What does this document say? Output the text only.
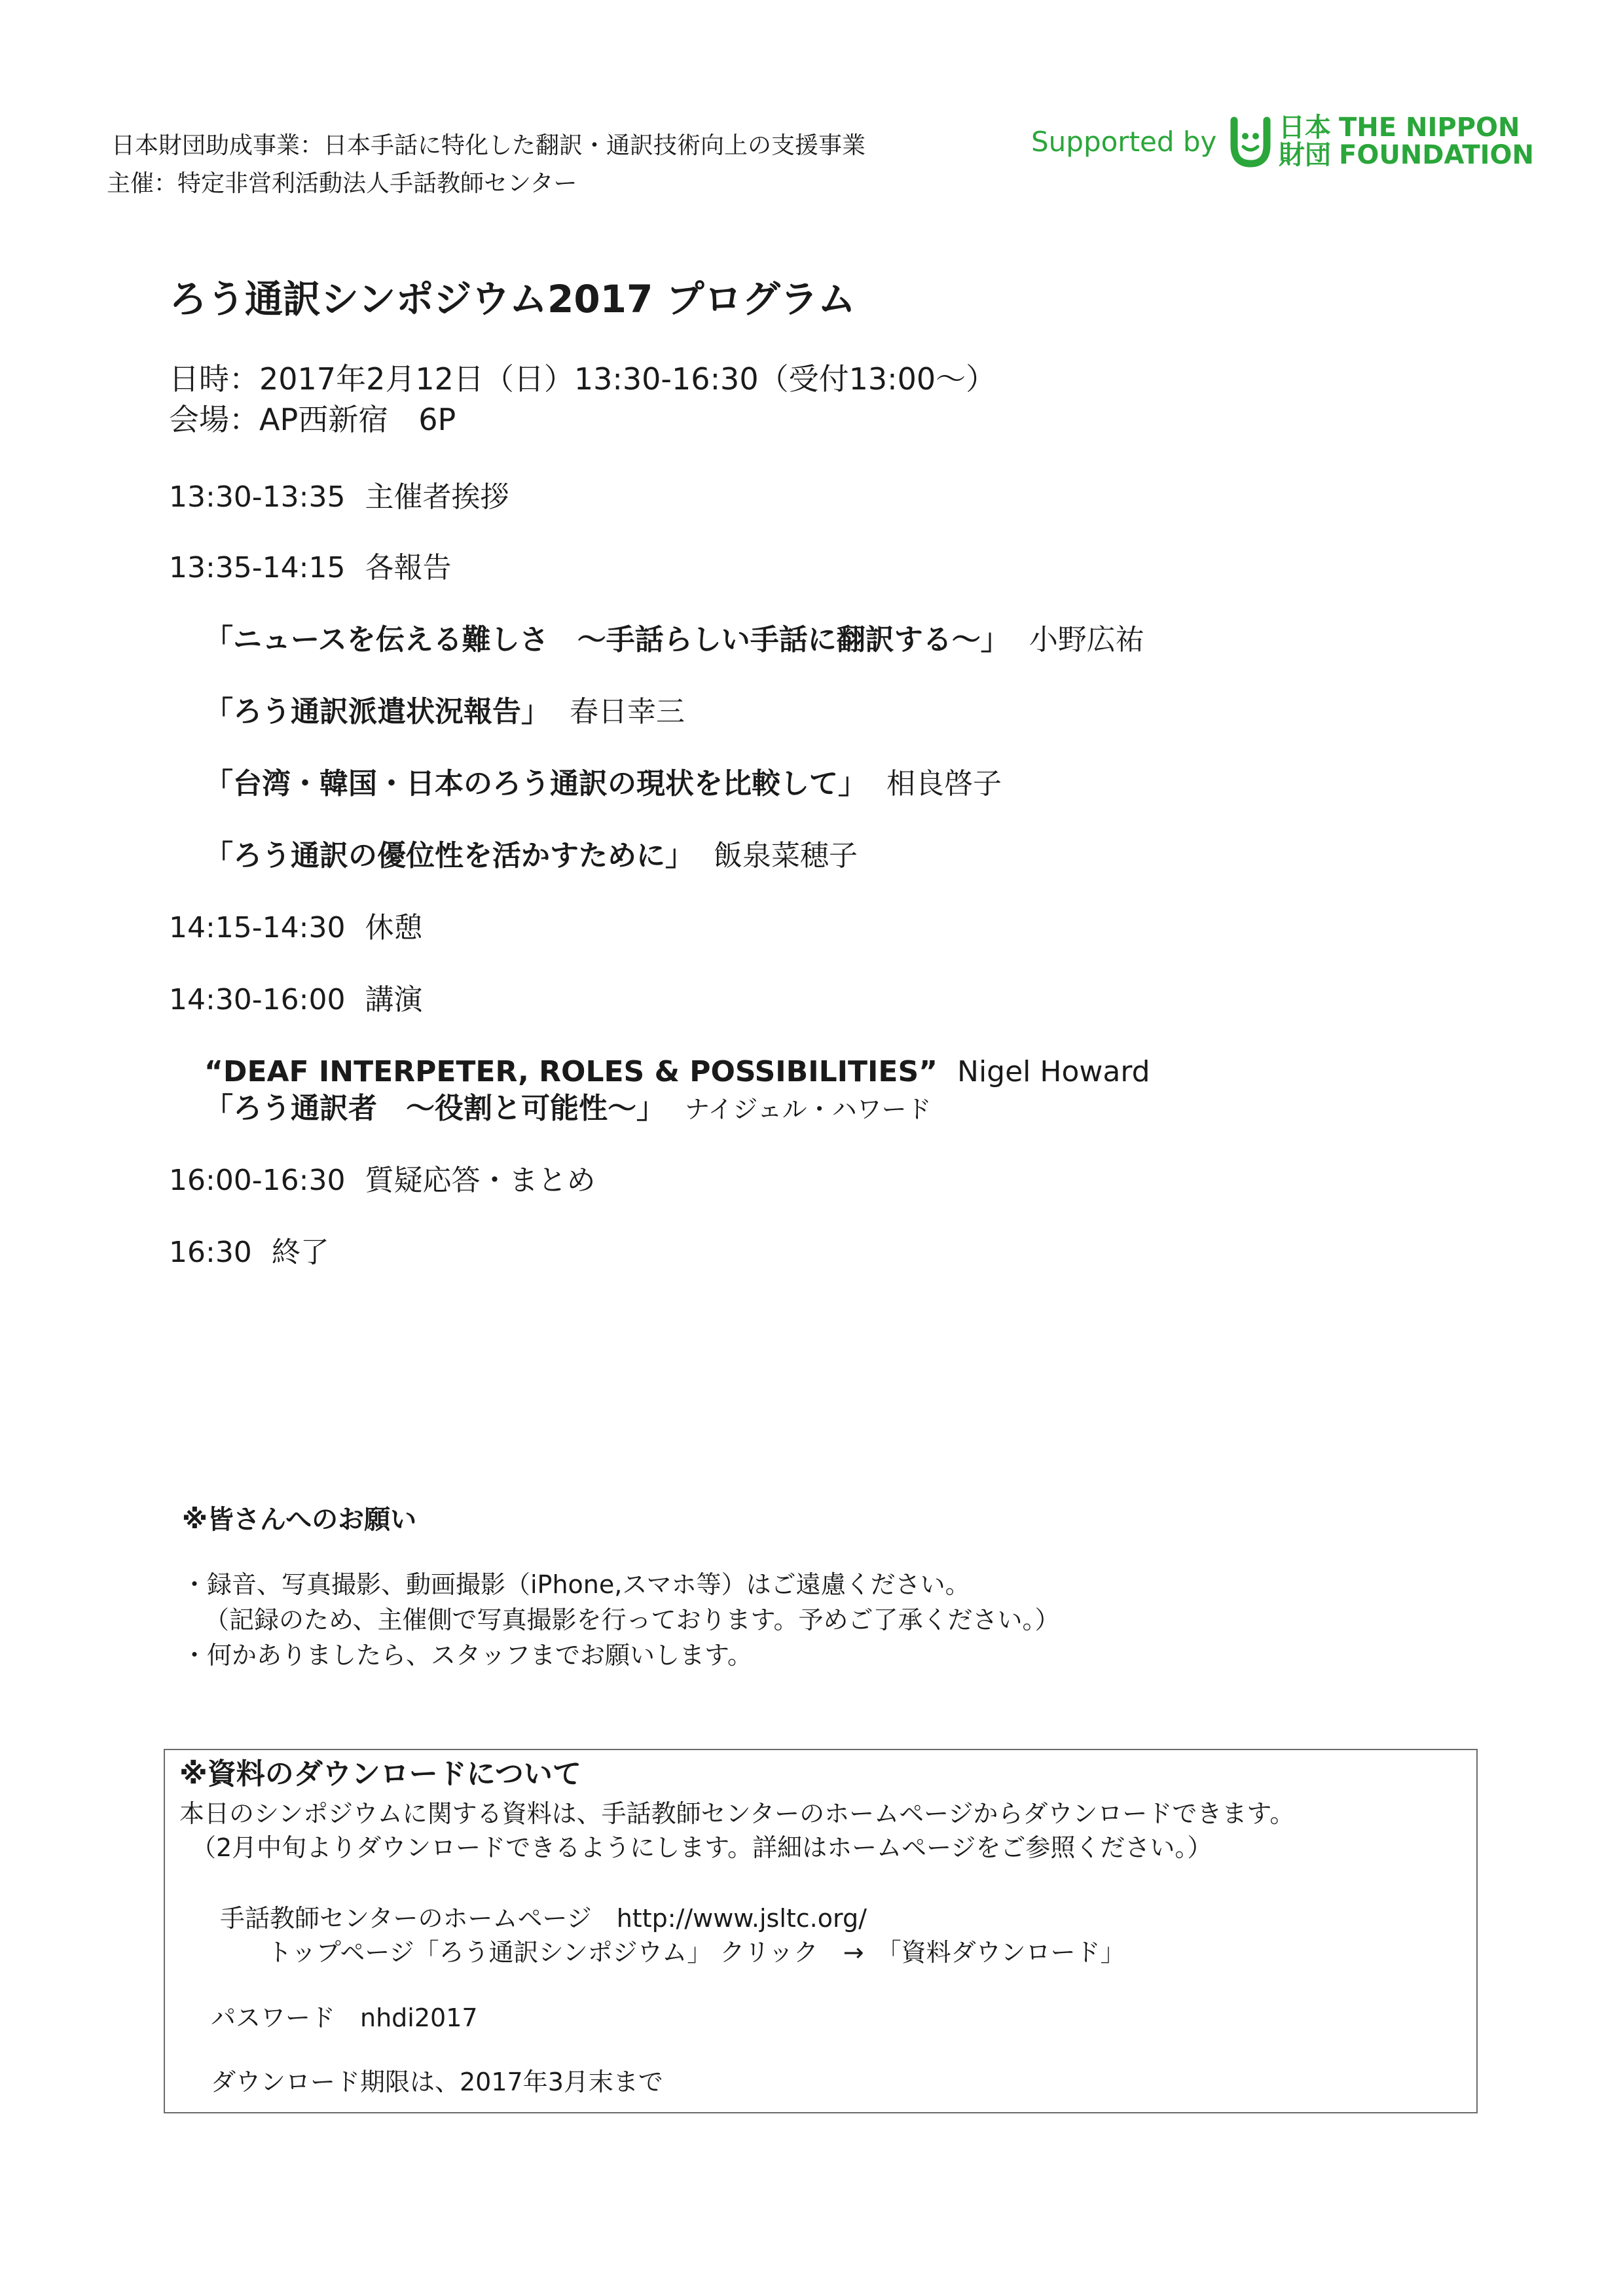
日本財団助成事業：日本手話に特化した翻訳・通訳技術向上の支援事業
主催：特定非営利活動法人手話教師センター
Supported by 日本
財団
THE NIPPON
FOUNDATION
ろう通訳シンポジウム2017 プログラム
日時：2017年2月12日（日）13:30-16:30（受付13:00～）
会場：AP西新宿　6P
13:30-13:35 主催者挨拶
13:35-14:15 各報告
「ニュースを伝える難しさ　～手話らしい手話に翻訳する～」 小野広祐
「ろう通訳派遣状況報告」 春日幸三
「台湾・韓国・日本のろう通訳の現状を比較して」 相良啓子
「ろう通訳の優位性を活かすために」 飯泉菜穂子
14:15-14:30 休憩
14:30-16:00 講演
“DEAF INTERPETER, ROLES & POSSIBILITIES” Nigel Howard
「ろう通訳者　～役割と可能性～」 ナイジェル・ハワード
16:00-16:30 質疑応答・まとめ
16:30 終了
※皆さんへのお願い
・録音、写真撮影、動画撮影（iPhone,スマホ等）はご遠慮ください。
（記録のため、主催側で写真撮影を行っております。予めご了承ください。）
・何かありましたら、スタッフまでお願いします。
※資料のダウンロードについて
本日のシンポジウムに関する資料は、手話教師センターのホームページからダウンロードできます。
（2月中旬よりダウンロードできるようにします。詳細はホームページをご参照ください。）
手話教師センターのホームページ　http://www.jsltc.org/
トップページ「ろう通訳シンポジウム」 クリック　→　「資料ダウンロード」
パスワード　nhdi2017
ダウンロード期限は、2017年3月末まで
